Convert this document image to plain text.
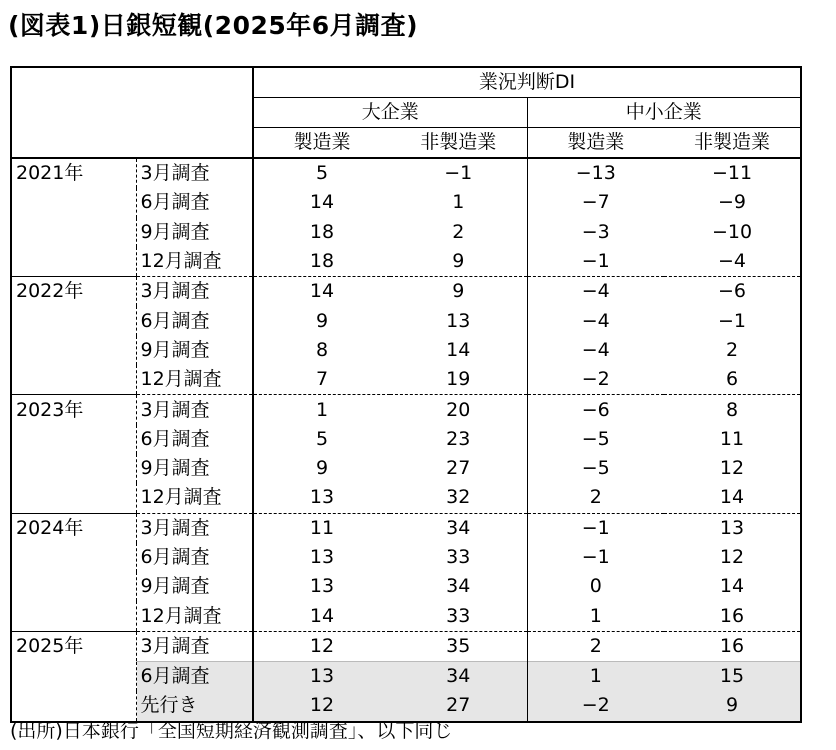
(図表1)日銀短観(2025年6月調査)
		業況判断DI			
		大企業		中小企業	
		製造業	非製造業	製造業	非製造業
2021年	3月調査	5	−1	−13	−11
	6月調査	14	1	−7	−9
	9月調査	18	2	−3	−10
	12月調査	18	9	−1	−4
2022年	3月調査	14	9	−4	−6
	6月調査	9	13	−4	−1
	9月調査	8	14	−4	2
	12月調査	7	19	−2	6
2023年	3月調査	1	20	−6	8
	6月調査	5	23	−5	11
	9月調査	9	27	−5	12
	12月調査	13	32	2	14
2024年	3月調査	11	34	−1	13
	6月調査	13	33	−1	12
	9月調査	13	34	0	14
	12月調査	14	33	1	16
2025年	3月調査	12	35	2	16
	6月調査	13	34	1	15
	先行き	12	27	−2	9
(出所)日本銀行「全国短期経済観測調査」、以下同じ
